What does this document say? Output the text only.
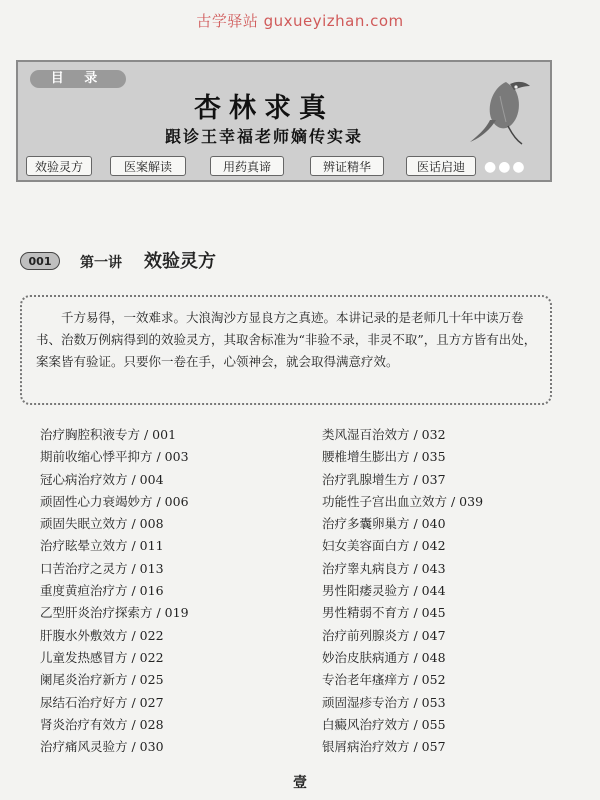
古学驿站 guxueyizhan.com
目 录
杏林求真
跟诊王幸福老师嫡传实录
效验灵方	医案解读	用药真谛	辨证精华	医话启迪	●●●
001	第一讲 效验灵方
千方易得，一效难求。大浪淘沙方显良方之真迹。本讲记录的是老师几十年中读万卷书、治数万例病得到的效验灵方，其取舍标准为“非验不录，非灵不取”，且方方皆有出处，案案皆有验证。只要你一卷在手，心领神会，就会取得满意疗效。
治疗胸腔积液专方 / 001
期前收缩心悸平抑方 / 003
冠心病治疗效方 / 004
顽固性心力衰竭妙方 / 006
顽固失眠立效方 / 008
治疗眩晕立效方 / 011
口苦治疗之灵方 / 013
重度黄疸治疗方 / 016
乙型肝炎治疗探索方 / 019
肝腹水外敷效方 / 022
儿童发热感冒方 / 022
阑尾炎治疗新方 / 025
尿结石治疗好方 / 027
肾炎治疗有效方 / 028
治疗痛风灵验方 / 030
类风湿百治效方 / 032
腰椎增生膨出方 / 035
治疗乳腺增生方 / 037
功能性子宫出血立效方 / 039
治疗多囊卵巢方 / 040
妇女美容面白方 / 042
治疗睾丸病良方 / 043
男性阳痿灵验方 / 044
男性精弱不育方 / 045
治疗前列腺炎方 / 047
妙治皮肤病通方 / 048
专治老年瘙痒方 / 052
顽固湿疹专治方 / 053
白癜风治疗效方 / 055
银屑病治疗效方 / 057
壹
